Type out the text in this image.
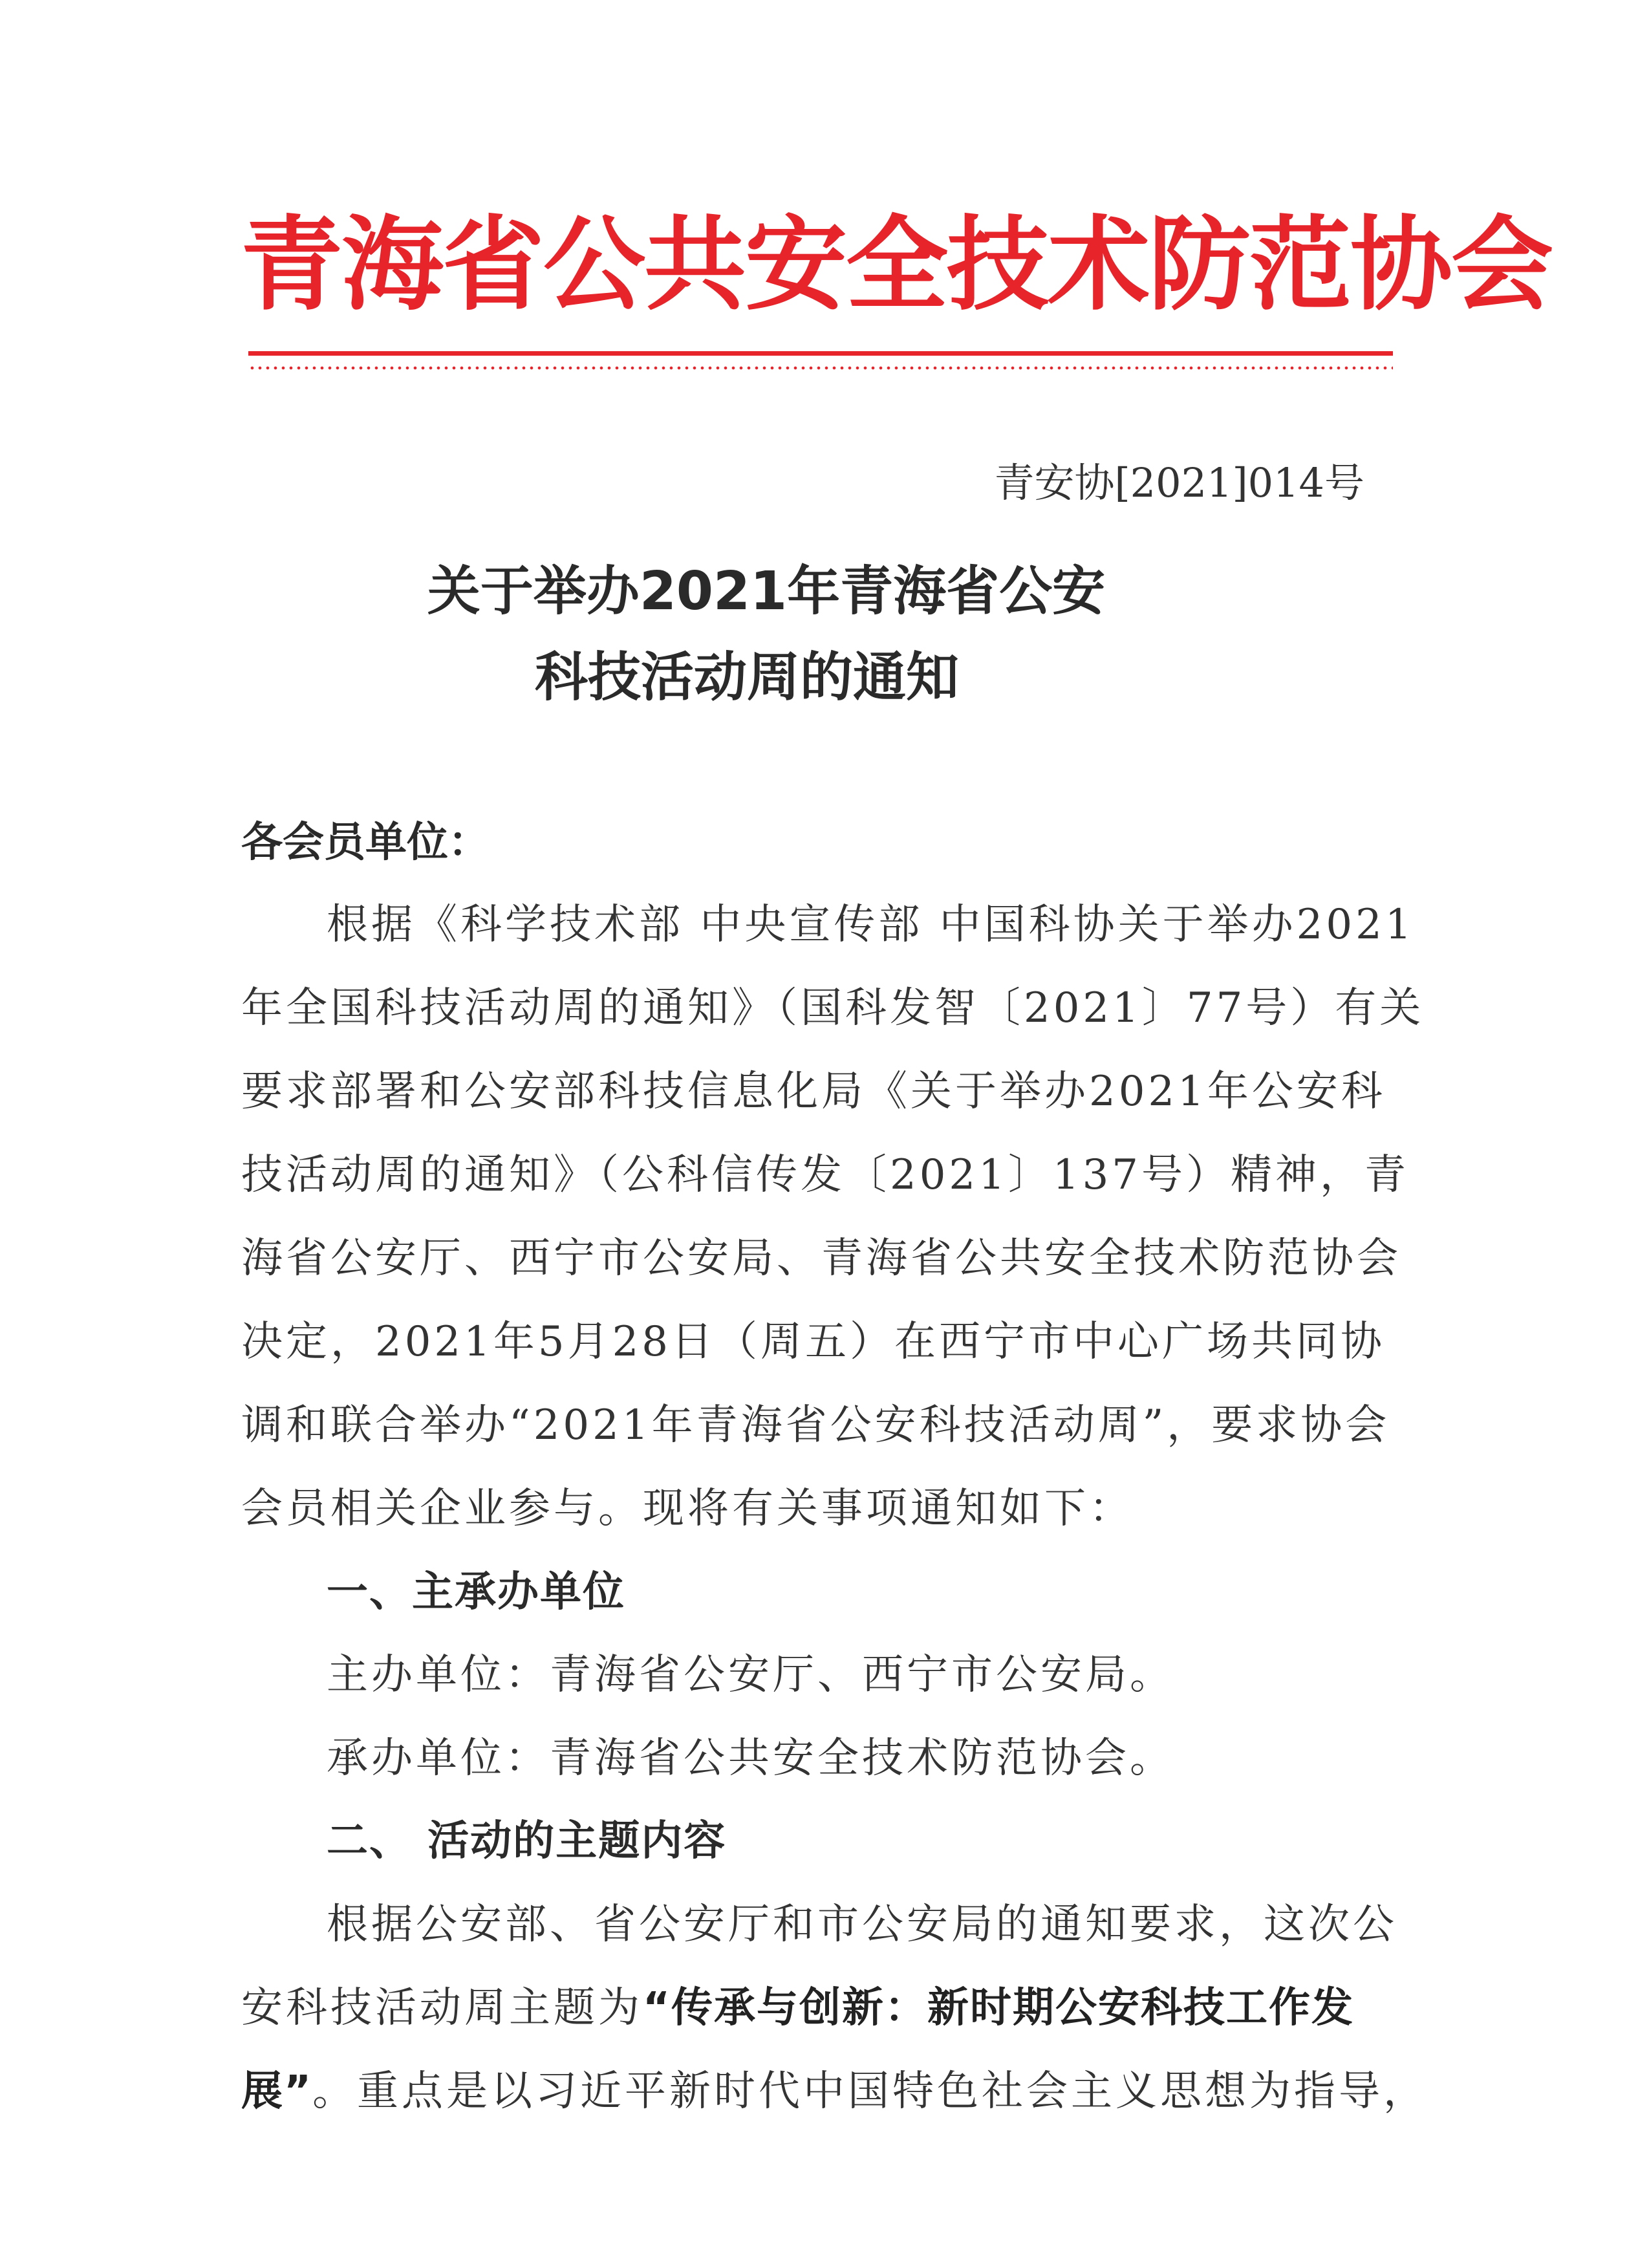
青海省公共安全技术防范协会
青安协[2021]014号
关于举办2021年青海省公安
科技活动周的通知
各会员单位：
根据《科学技术部 中央宣传部 中国科协关于举办2021
年全国科技活动周的通知》（国科发智〔2021〕77号）有关
要求部署和公安部科技信息化局《关于举办2021年公安科
技活动周的通知》（公科信传发〔2021〕137号）精神，青
海省公安厅、西宁市公安局、青海省公共安全技术防范协会
决定，2021年5月28日（周五）在西宁市中心广场共同协
调和联合举办“2021年青海省公安科技活动周”，要求协会
会员相关企业参与。现将有关事项通知如下：
一、主承办单位
主办单位：青海省公安厅、西宁市公安局。
承办单位：青海省公共安全技术防范协会。
二、 活动的主题内容
根据公安部、省公安厅和市公安局的通知要求，这次公
安科技活动周主题为“传承与创新：新时期公安科技工作发
展”。重点是以习近平新时代中国特色社会主义思想为指导，
